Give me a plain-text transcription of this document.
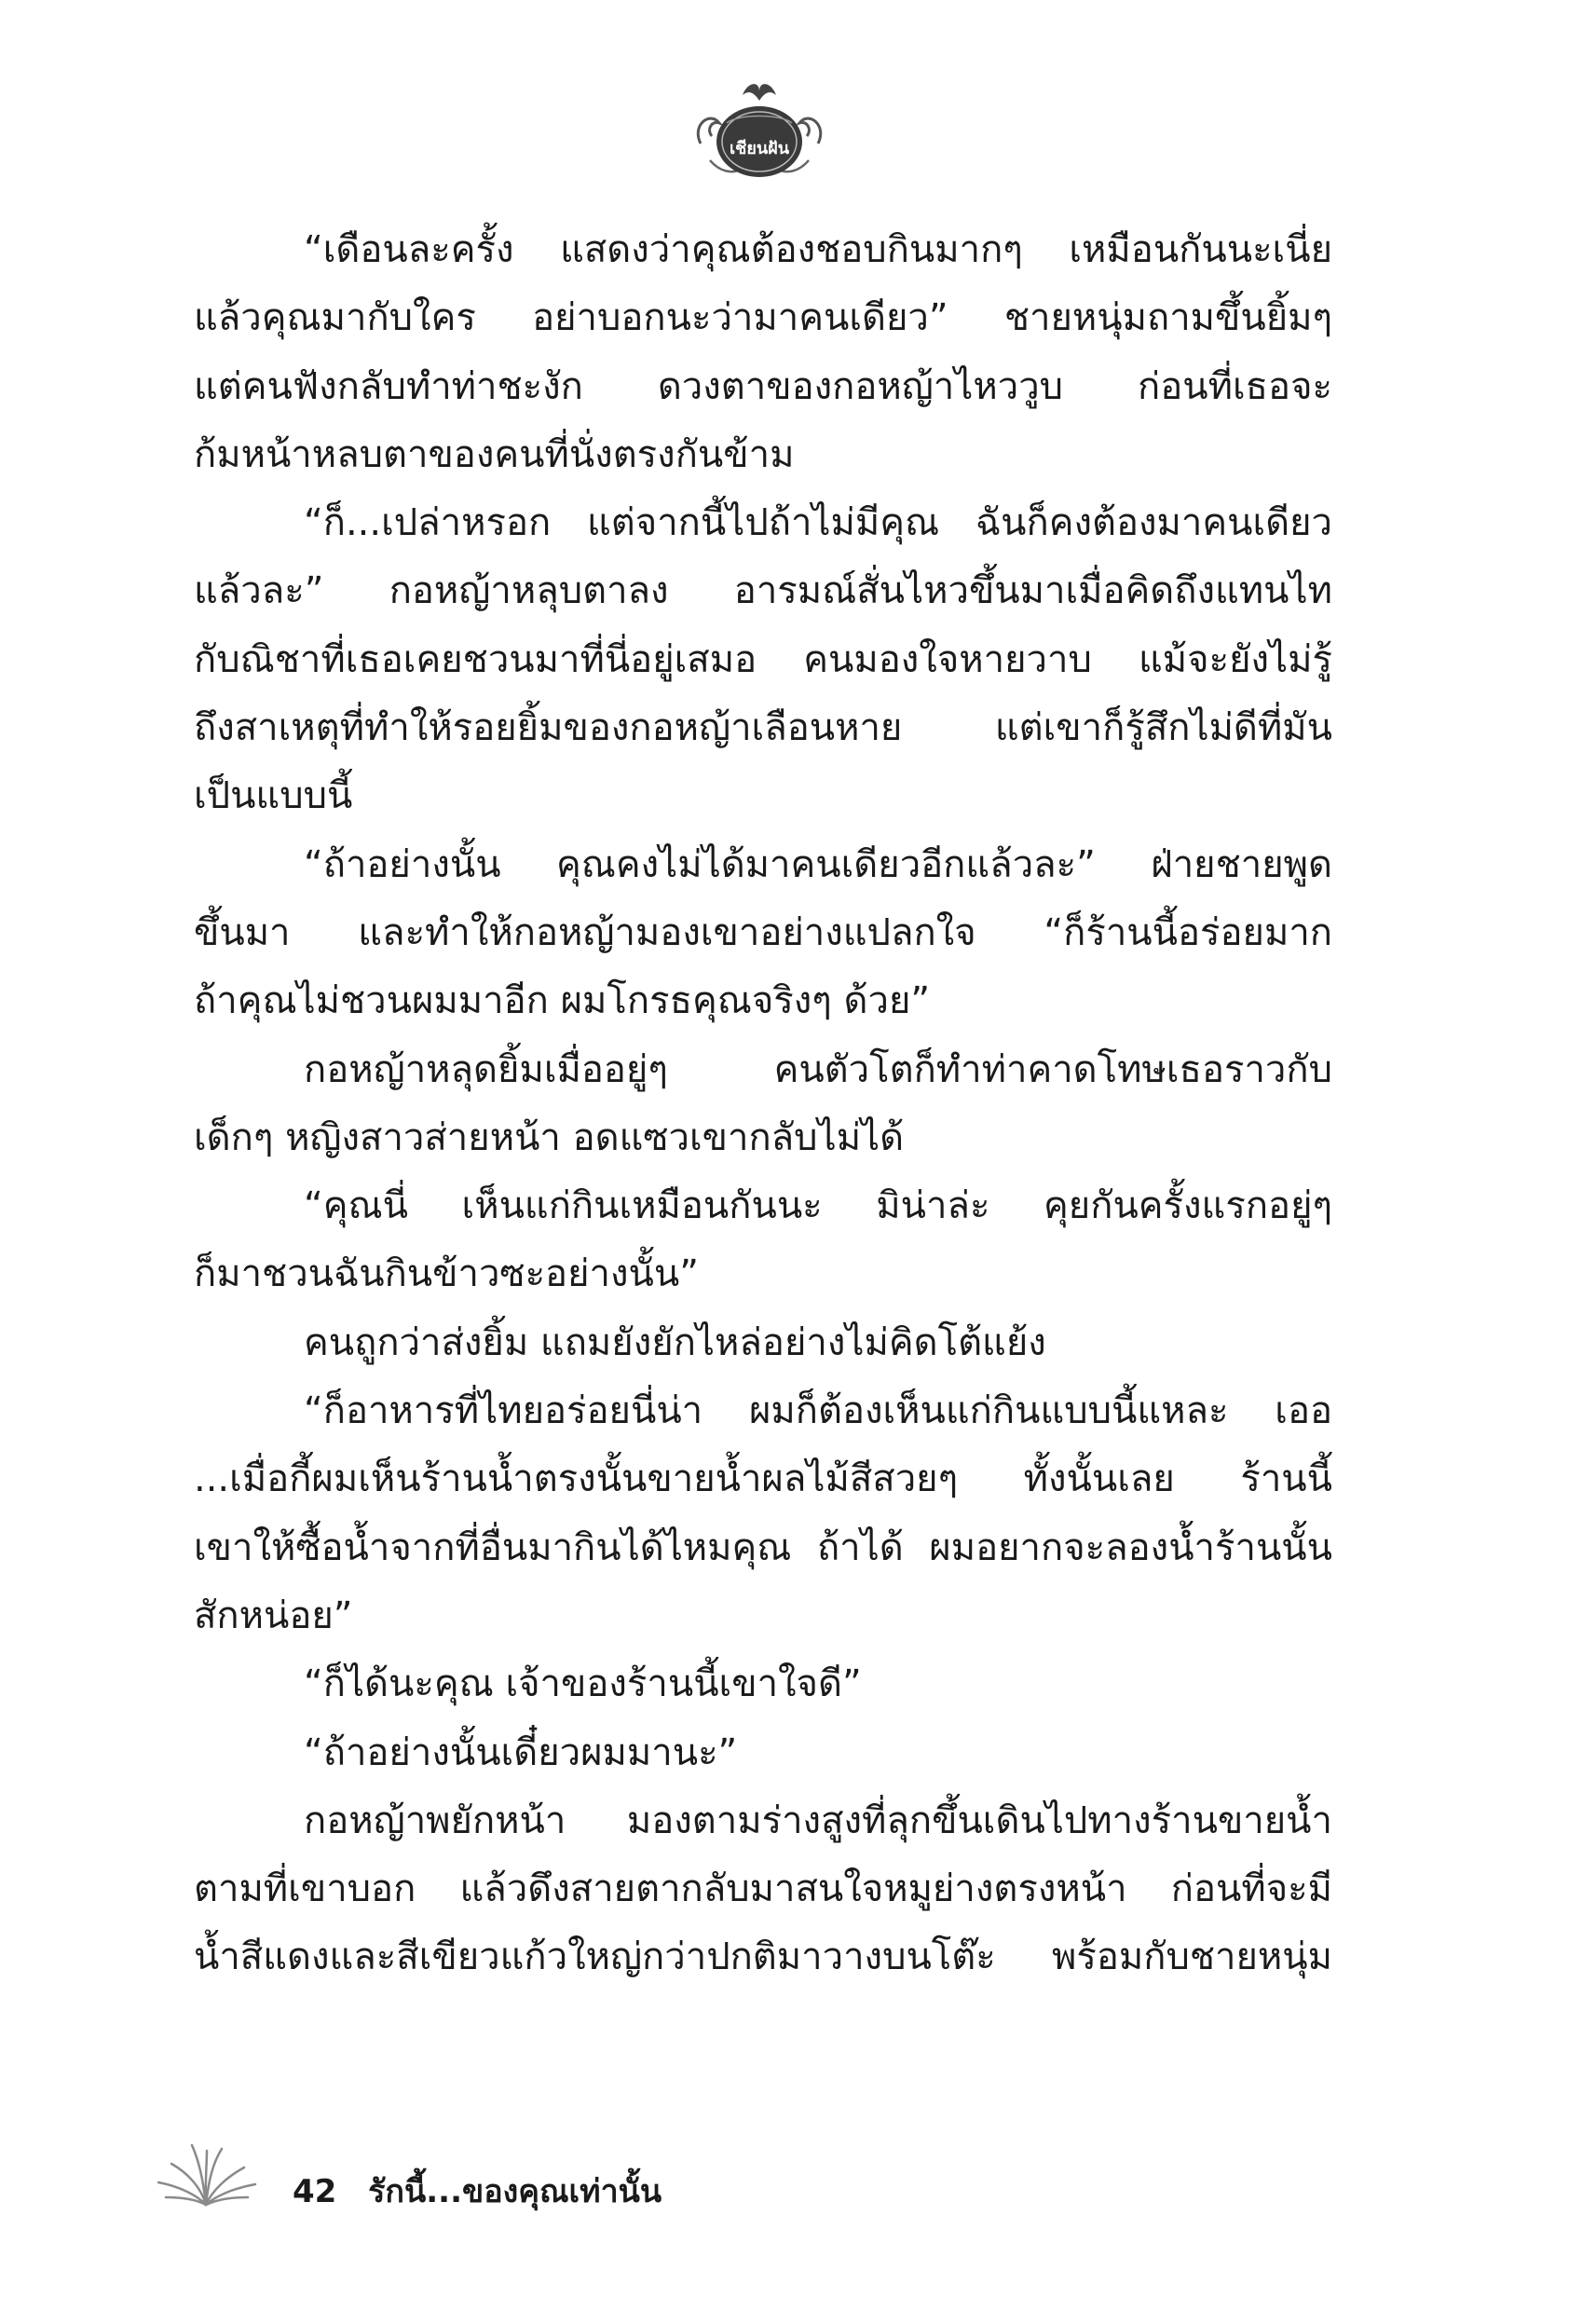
เชียนฝัน
“เดือนละครั้ง แสดงว่าคุณต้องชอบกินมากๆ เหมือนกันนะเนี่ย
แล้วคุณมากับใคร อย่าบอกนะว่ามาคนเดียว” ชายหนุ่มถามขึ้นยิ้มๆ
แต่คนฟังกลับทำท่าชะงัก ดวงตาของกอหญ้าไหววูบ ก่อนที่เธอจะ
ก้มหน้าหลบตาของคนที่นั่งตรงกันข้าม
“ก็...เปล่าหรอก แต่จากนี้ไปถ้าไม่มีคุณ ฉันก็คงต้องมาคนเดียว
แล้วละ” กอหญ้าหลุบตาลง อารมณ์สั่นไหวขึ้นมาเมื่อคิดถึงแทนไท
กับณิชาที่เธอเคยชวนมาที่นี่อยู่เสมอ คนมองใจหายวาบ แม้จะยังไม่รู้
ถึงสาเหตุที่ทำให้รอยยิ้มของกอหญ้าเลือนหาย แต่เขาก็รู้สึกไม่ดีที่มัน
เป็นแบบนี้
“ถ้าอย่างนั้น คุณคงไม่ได้มาคนเดียวอีกแล้วละ” ฝ่ายชายพูด
ขึ้นมา และทำให้กอหญ้ามองเขาอย่างแปลกใจ “ก็ร้านนี้อร่อยมาก
ถ้าคุณไม่ชวนผมมาอีก ผมโกรธคุณจริงๆ ด้วย”
กอหญ้าหลุดยิ้มเมื่ออยู่ๆ คนตัวโตก็ทำท่าคาดโทษเธอราวกับ
เด็กๆ หญิงสาวส่ายหน้า อดแซวเขากลับไม่ได้
“คุณนี่ เห็นแก่กินเหมือนกันนะ มิน่าล่ะ คุยกันครั้งแรกอยู่ๆ
ก็มาชวนฉันกินข้าวซะอย่างนั้น”
คนถูกว่าส่งยิ้ม แถมยังยักไหล่อย่างไม่คิดโต้แย้ง
“ก็อาหารที่ไทยอร่อยนี่น่า ผมก็ต้องเห็นแก่กินแบบนี้แหละ เออ
...เมื่อกี้ผมเห็นร้านน้ำตรงนั้นขายน้ำผลไม้สีสวยๆ ทั้งนั้นเลย ร้านนี้
เขาให้ซื้อน้ำจากที่อื่นมากินได้ไหมคุณ ถ้าได้ ผมอยากจะลองน้ำร้านนั้น
สักหน่อย”
“ก็ได้นะคุณ เจ้าของร้านนี้เขาใจดี”
“ถ้าอย่างนั้นเดี๋ยวผมมานะ”
กอหญ้าพยักหน้า มองตามร่างสูงที่ลุกขึ้นเดินไปทางร้านขายน้ำ
ตามที่เขาบอก แล้วดึงสายตากลับมาสนใจหมูย่างตรงหน้า ก่อนที่จะมี
น้ำสีแดงและสีเขียวแก้วใหญ่กว่าปกติมาวางบนโต๊ะ พร้อมกับชายหนุ่ม
42 รักนี้...ของคุณเท่านั้น
